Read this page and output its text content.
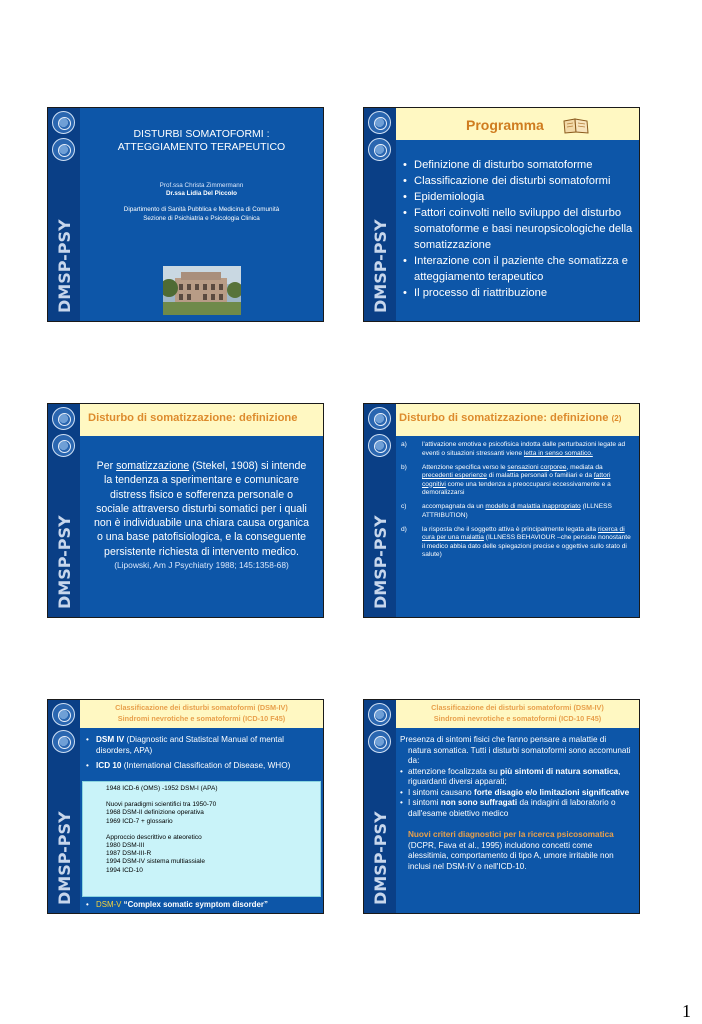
DMSP-PSY
DISTURBI SOMATOFORMI :
ATTEGGIAMENTO TERAPEUTICO
Prof.ssa Christa Zimmermann
Dr.ssa Lidia Del Piccolo
Dipartimento di Sanità Pubblica e Medicina di Comunità
Sezione di Psichiatria e Psicologia Clinica
DMSP-PSY
Programma
• Definizione di disturbo somatoforme
• Classificazione dei disturbi somatoformi
• Epidemiologia
• Fattori coinvolti nello sviluppo del disturbo somatoforme e basi neuropsicologiche della somatizzazione
• Interazione con il paziente che somatizza e atteggiamento terapeutico
• Il processo di riattribuzione
DMSP-PSY
Disturbo di somatizzazione: definizione
Per somatizzazione (Stekel, 1908) si intende
la tendenza a sperimentare e comunicare
distress fisico e sofferenza personale o
sociale attraverso disturbi somatici per i quali
non è individuabile una chiara causa organica
o una base patofisiologica, e la conseguente
persistente richiesta di intervento medico.
(Lipowski, Am J Psychiatry 1988; 145:1358-68)	DMSP-PSY
Disturbo di somatizzazione: definizione (2)
a) l'attivazione emotiva e psicofisica indotta dalle perturbazioni legate ad eventi o situazioni stressanti viene letta in senso somatico.
b) Attenzione specifica verso le sensazioni corporee, mediata da precedenti esperienze di malattia personali o familiari e da fattori cognitivi come una tendenza a preoccuparsi eccessivamente e a demoralizzarsi
c) accompagnata da un modello di malattia inappropriato (ILLNESS ATTRIBUTION)
d) la risposta che il soggetto attiva è principalmente legata alla ricerca di cura per una malattia (ILLNESS BEHAVIOUR –che persiste nonostante il medico abbia dato delle spiegazioni precise e oggettive sullo stato di salute)
DMSP-PSY
Classificazione dei disturbi somatoformi (DSM-IV)
Sindromi nevrotiche e somatoformi (ICD-10 F45)
• DSM IV (Diagnostic and Statistcal Manual of mental disorders, APA)
• ICD 10 (International Classification of Disease, WHO)
1948 ICD-6 (OMS) -1952 DSM-I (APA)
Nuovi paradigmi scientifici tra 1950-70
1968 DSM-II definizione operativa
1969 ICD-7 + glossario
Approccio descrittivo e ateoretico
1980 DSM-III
1987 DSM-III-R
1994 DSM-IV sistema multiassiale
1994 ICD-10
• DSM-V “Complex somatic symptom disorder”	DMSP-PSY
Classificazione dei disturbi somatoformi (DSM-IV)
Sindromi nevrotiche e somatoformi (ICD-10 F45)
Presenza di sintomi fisici che fanno pensare a malattie di
natura somatica. Tutti i disturbi somatoformi sono accomunati da:
• attenzione focalizzata su più sintomi di natura somatica, riguardanti diversi apparati;
• I sintomi causano forte disagio e/o limitazioni significative
• I sintomi non sono suffragati da indagini di laboratorio o dall'esame obiettivo medico
Nuovi criteri diagnostici per la ricerca psicosomatica (DCPR, Fava et al., 1995) includono concetti come alessitimia, comportamento di tipo A, umore irritabile non inclusi nel DSM-IV o nell'ICD-10.
1
